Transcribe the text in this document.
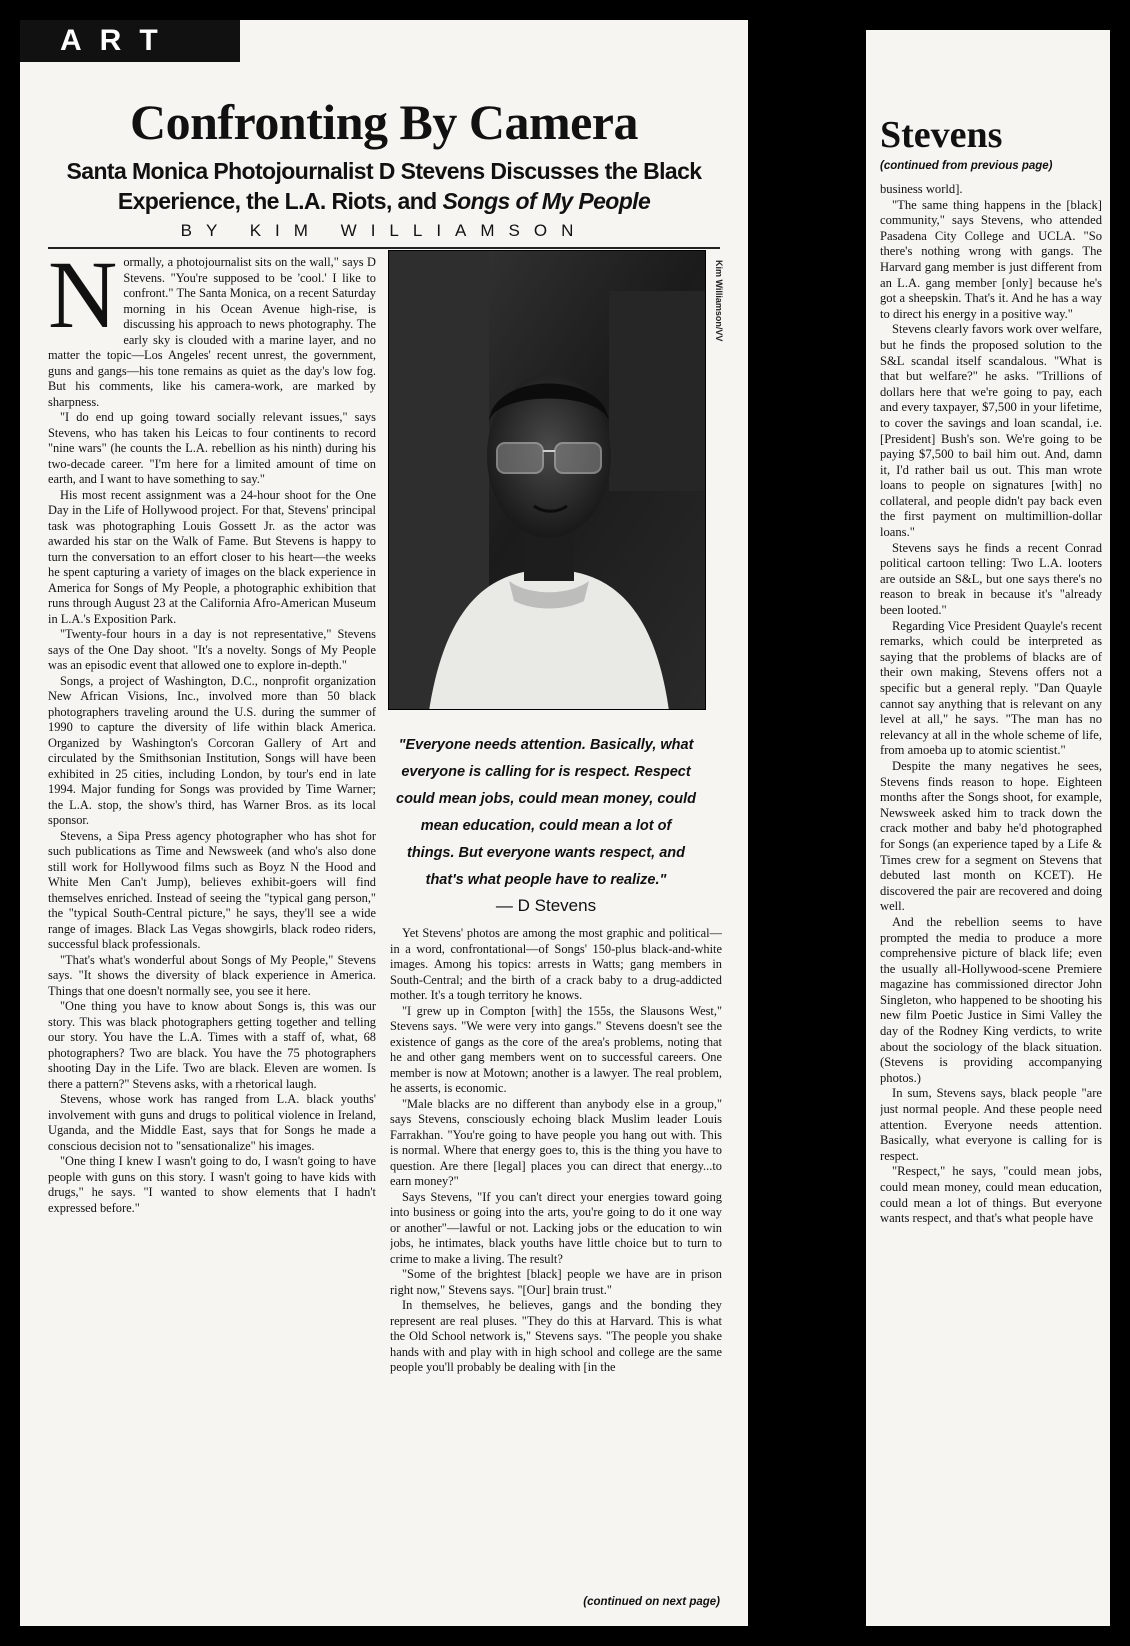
ART
Confronting By Camera
Santa Monica Photojournalist D Stevens Discusses the Black Experience, the L.A. Riots, and Songs of My People
BY KIM WILLIAMSON

Normally, a photojournalist sits on the wall," says D Stevens. "You're supposed to be 'cool.' I like to confront." The Santa Monica, on a recent Saturday morning in his Ocean Avenue high-rise, is discussing his approach to news photography. The early sky is clouded with a marine layer, and no matter the topic—Los Angeles' recent unrest, the government, guns and gangs—his tone remains as quiet as the day's low fog. But his comments, like his camera-work, are marked by sharpness.

"I do end up going toward socially relevant issues," says Stevens, who has taken his Leicas to four continents to record "nine wars" (he counts the L.A. rebellion as his ninth) during his two-decade career. "I'm here for a limited amount of time on earth, and I want to have something to say."

His most recent assignment was a 24-hour shoot for the One Day in the Life of Hollywood project. For that, Stevens' principal task was photographing Louis Gossett Jr. as the actor was awarded his star on the Walk of Fame. But Stevens is happy to turn the conversation to an effort closer to his heart—the weeks he spent capturing a variety of images on the black experience in America for Songs of My People, a photographic exhibition that runs through August 23 at the California Afro-American Museum in L.A.'s Exposition Park.

"Twenty-four hours in a day is not representative," Stevens says of the One Day shoot. "It's a novelty. Songs of My People was an episodic event that allowed one to explore in-depth."

Songs, a project of Washington, D.C., nonprofit organization New African Visions, Inc., involved more than 50 black photographers traveling around the U.S. during the summer of 1990 to capture the diversity of life within black America. Organized by Washington's Corcoran Gallery of Art and circulated by the Smithsonian Institution, Songs will have been exhibited in 25 cities, including London, by tour's end in late 1994. Major funding for Songs was provided by Time Warner; the L.A. stop, the show's third, has Warner Bros. as its local sponsor.

Stevens, a Sipa Press agency photographer who has shot for such publications as Time and Newsweek (and who's also done still work for Hollywood films such as Boyz N the Hood and White Men Can't Jump), believes exhibit-goers will find themselves enriched. Instead of seeing the "typical gang person," the "typical South-Central picture," he says, they'll see a wide range of images. Black Las Vegas showgirls, black rodeo riders, successful black professionals.

"That's what's wonderful about Songs of My People," Stevens says. "It shows the diversity of black experience in America. Things that one doesn't normally see, you see it here.

"One thing you have to know about Songs is, this was our story. This was black photographers getting together and telling our story. You have the L.A. Times with a staff of, what, 68 photographers? Two are black. You have the 75 photographers shooting Day in the Life. Two are black. Eleven are women. Is there a pattern?" Stevens asks, with a rhetorical laugh.

Stevens, whose work has ranged from L.A. black youths' involvement with guns and drugs to political violence in Ireland, Uganda, and the Middle East, says that for Songs he made a conscious decision not to "sensationalize" his images.

"One thing I knew I wasn't going to do, I wasn't going to have people with guns on this story. I wasn't going to have kids with drugs," he says. "I wanted to show elements that I hadn't expressed before."

Kim Williamson/VV
"Everyone needs attention. Basically, what everyone is calling for is respect. Respect could mean jobs, could mean money, could mean education, could mean a lot of things. But everyone wants respect, and that's what people have to realize."
— D Stevens

Yet Stevens' photos are among the most graphic and political—in a word, confrontational—of Songs' 150-plus black-and-white images. Among his topics: arrests in Watts; gang members in South-Central; and the birth of a crack baby to a drug-addicted mother. It's a tough territory he knows.

"I grew up in Compton [with] the 155s, the Slausons West," Stevens says. "We were very into gangs." Stevens doesn't see the existence of gangs as the core of the area's problems, noting that he and other gang members went on to successful careers. One member is now at Motown; another is a lawyer. The real problem, he asserts, is economic.

"Male blacks are no different than anybody else in a group," says Stevens, consciously echoing black Muslim leader Louis Farrakhan. "You're going to have people you hang out with. This is normal. Where that energy goes to, this is the thing you have to question. Are there [legal] places you can direct that energy...to earn money?"

Says Stevens, "If you can't direct your energies toward going into business or going into the arts, you're going to do it one way or another"—lawful or not. Lacking jobs or the education to win jobs, he intimates, black youths have little choice but to turn to crime to make a living. The result?

"Some of the brightest [black] people we have are in prison right now," Stevens says. "[Our] brain trust."

In themselves, he believes, gangs and the bonding they represent are real pluses. "They do this at Harvard. This is what the Old School network is," Stevens says. "The people you shake hands with and play with in high school and college are the same people you'll probably be dealing with [in the

(continued on next page)
Stevens
(continued from previous page)

business world].

"The same thing happens in the [black] community," says Stevens, who attended Pasadena City College and UCLA. "So there's nothing wrong with gangs. The Harvard gang member is just different from an L.A. gang member [only] because he's got a sheepskin. That's it. And he has a way to direct his energy in a positive way."

Stevens clearly favors work over welfare, but he finds the proposed solution to the S&L scandal itself scandalous. "What is that but welfare?" he asks. "Trillions of dollars here that we're going to pay, each and every taxpayer, $7,500 in your lifetime, to cover the savings and loan scandal, i.e. [President] Bush's son. We're going to be paying $7,500 to bail him out. And, damn it, I'd rather bail us out. This man wrote loans to people on signatures [with] no collateral, and people didn't pay back even the first payment on multimillion-dollar loans."

Stevens says he finds a recent Conrad political cartoon telling: Two L.A. looters are outside an S&L, but one says there's no reason to break in because it's "already been looted."

Regarding Vice President Quayle's recent remarks, which could be interpreted as saying that the problems of blacks are of their own making, Stevens offers not a specific but a general reply. "Dan Quayle cannot say anything that is relevant on any level at all," he says. "The man has no relevancy at all in the whole scheme of life, from amoeba up to atomic scientist."

Despite the many negatives he sees, Stevens finds reason to hope. Eighteen months after the Songs shoot, for example, Newsweek asked him to track down the crack mother and baby he'd photographed for Songs (an experience taped by a Life & Times crew for a segment on Stevens that debuted last month on KCET). He discovered the pair are recovered and doing well.

And the rebellion seems to have prompted the media to produce a more comprehensive picture of black life; even the usually all-Hollywood-scene Premiere magazine has commissioned director John Singleton, who happened to be shooting his new film Poetic Justice in Simi Valley the day of the Rodney King verdicts, to write about the sociology of the black situation. (Stevens is providing accompanying photos.)

In sum, Stevens says, black people "are just normal people. And these people need attention. Everyone needs attention. Basically, what everyone is calling for is respect.

"Respect," he says, "could mean jobs, could mean money, could mean education, could mean a lot of things. But everyone wants respect, and that's what people have
